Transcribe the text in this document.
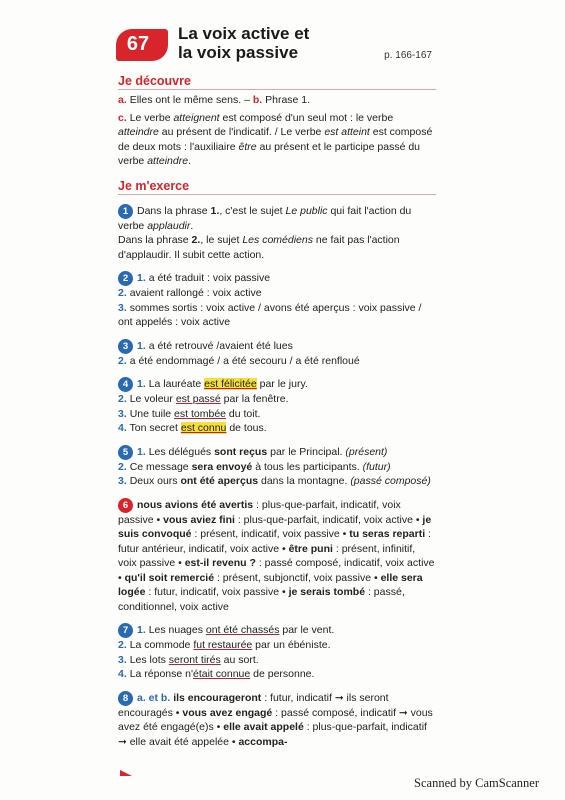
67	La voix active et
la voix passive	p. 166-167
Je découvre

a. Elles ont le même sens. – b. Phrase 1.

c. Le verbe atteignent est composé d'un seul mot : le verbe atteindre au présent de l'indicatif. / Le verbe est atteint est composé de deux mots : l'auxiliaire être au présent et le participe passé du verbe atteindre.

Je m'exerce
1 Dans la phrase 1., c'est le sujet Le public qui fait l'action du verbe applaudir.
Dans la phrase 2., le sujet Les comédiens ne fait pas l'action d'applaudir. Il subit cette action.
2 1. a été traduit : voix passive
2. avaient rallongé : voix active
3. sommes sortis : voix active / avons été aperçus : voix passive / ont appelés : voix active
3 1. a été retrouvé /avaient été lues
2. a été endommagé / a été secouru / a été renfloué
4 1. La lauréate est félicitée par le jury.
2. Le voleur est passé par la fenêtre.
3. Une tuile est tombée du toit.
4. Ton secret est connu de tous.
5 1. Les délégués sont reçus par le Principal. (présent)
2. Ce message sera envoyé à tous les participants. (futur)
3. Deux ours ont été aperçus dans la montagne. (passé composé)
6 nous avions été avertis : plus-que-parfait, indicatif, voix passive • vous aviez fini : plus-que-parfait, indicatif, voix active • je suis convoqué : présent, indicatif, voix passive • tu seras reparti : futur antérieur, indicatif, voix active • être puni : présent, infinitif, voix passive • est-il revenu ? : passé composé, indicatif, voix active • qu'il soit remercié : présent, subjonctif, voix passive • elle sera logée : futur, indicatif, voix passive • je serais tombé : passé, conditionnel, voix active
7 1. Les nuages ont été chassés par le vent.
2. La commode fut restaurée par un ébéniste.
3. Les lots seront tirés au sort.
4. La réponse n'était connue de personne.
8 a. et b. ils encourageront : futur, indicatif ➞ ils seront encouragés • vous avez engagé : passé composé, indicatif ➞ vous avez été engagé(e)s • elle avait appelé : plus-que-parfait, indicatif ➞ elle avait été appelée • accompa-
Scanned by CamScanner
